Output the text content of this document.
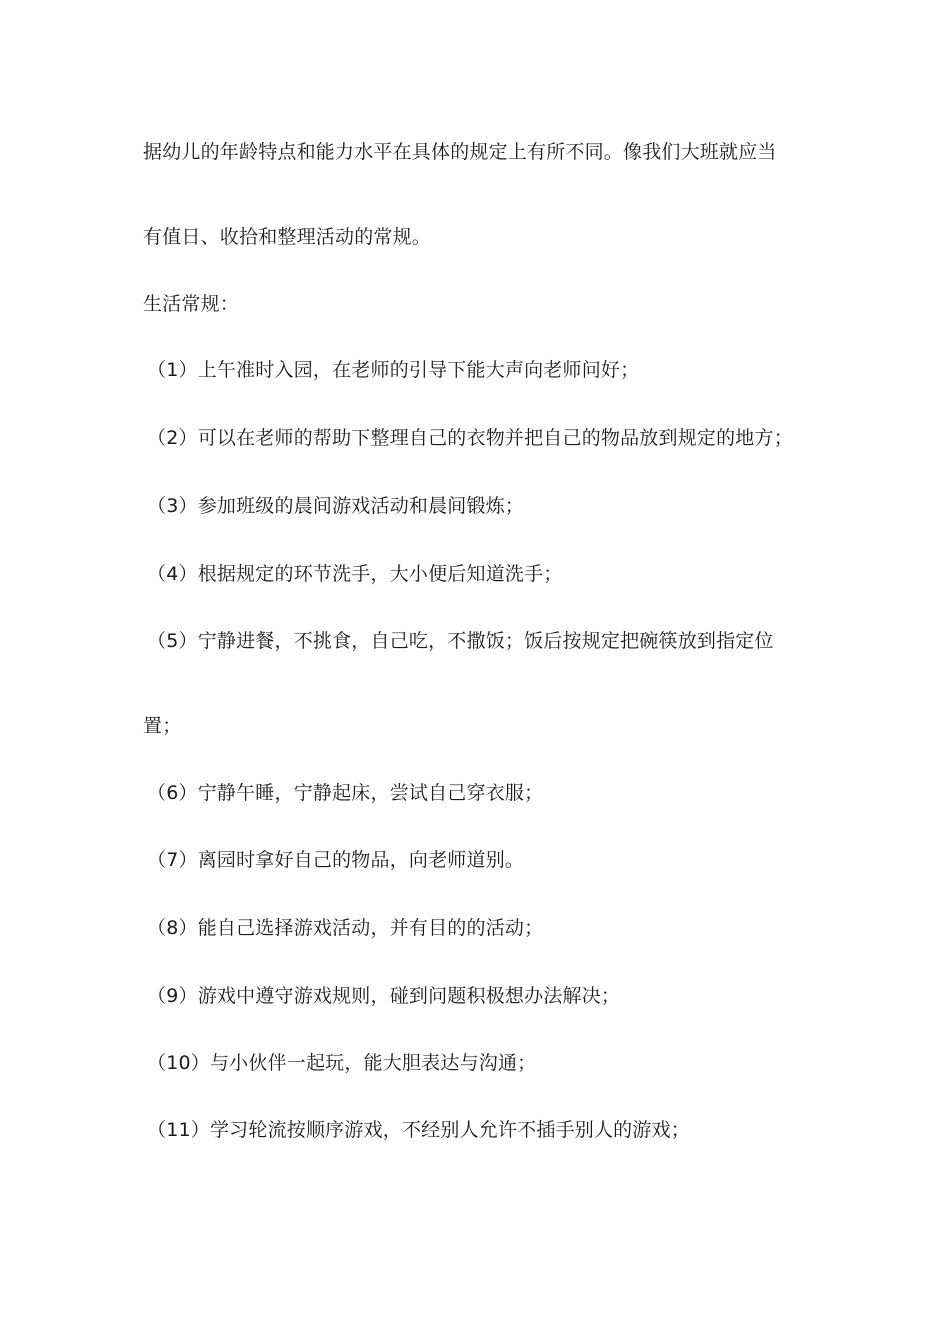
据幼儿的年龄特点和能力水平在具体的规定上有所不同。像我们大班就应当
有值日、收拾和整理活动的常规。
生活常规：
（1）上午准时入园，在老师的引导下能大声向老师问好；
（2）可以在老师的帮助下整理自己的衣物并把自己的物品放到规定的地方；
（3）参加班级的晨间游戏活动和晨间锻炼；
（4）根据规定的环节洗手，大小便后知道洗手；
（5）宁静进餐，不挑食，自己吃，不撒饭；饭后按规定把碗筷放到指定位
置；
（6）宁静午睡，宁静起床，尝试自己穿衣服；
（7）离园时拿好自己的物品，向老师道别。
（8）能自己选择游戏活动，并有目的的活动；
（9）游戏中遵守游戏规则，碰到问题积极想办法解决；
（10）与小伙伴一起玩，能大胆表达与沟通；
（11）学习轮流按顺序游戏，不经别人允许不插手别人的游戏；
